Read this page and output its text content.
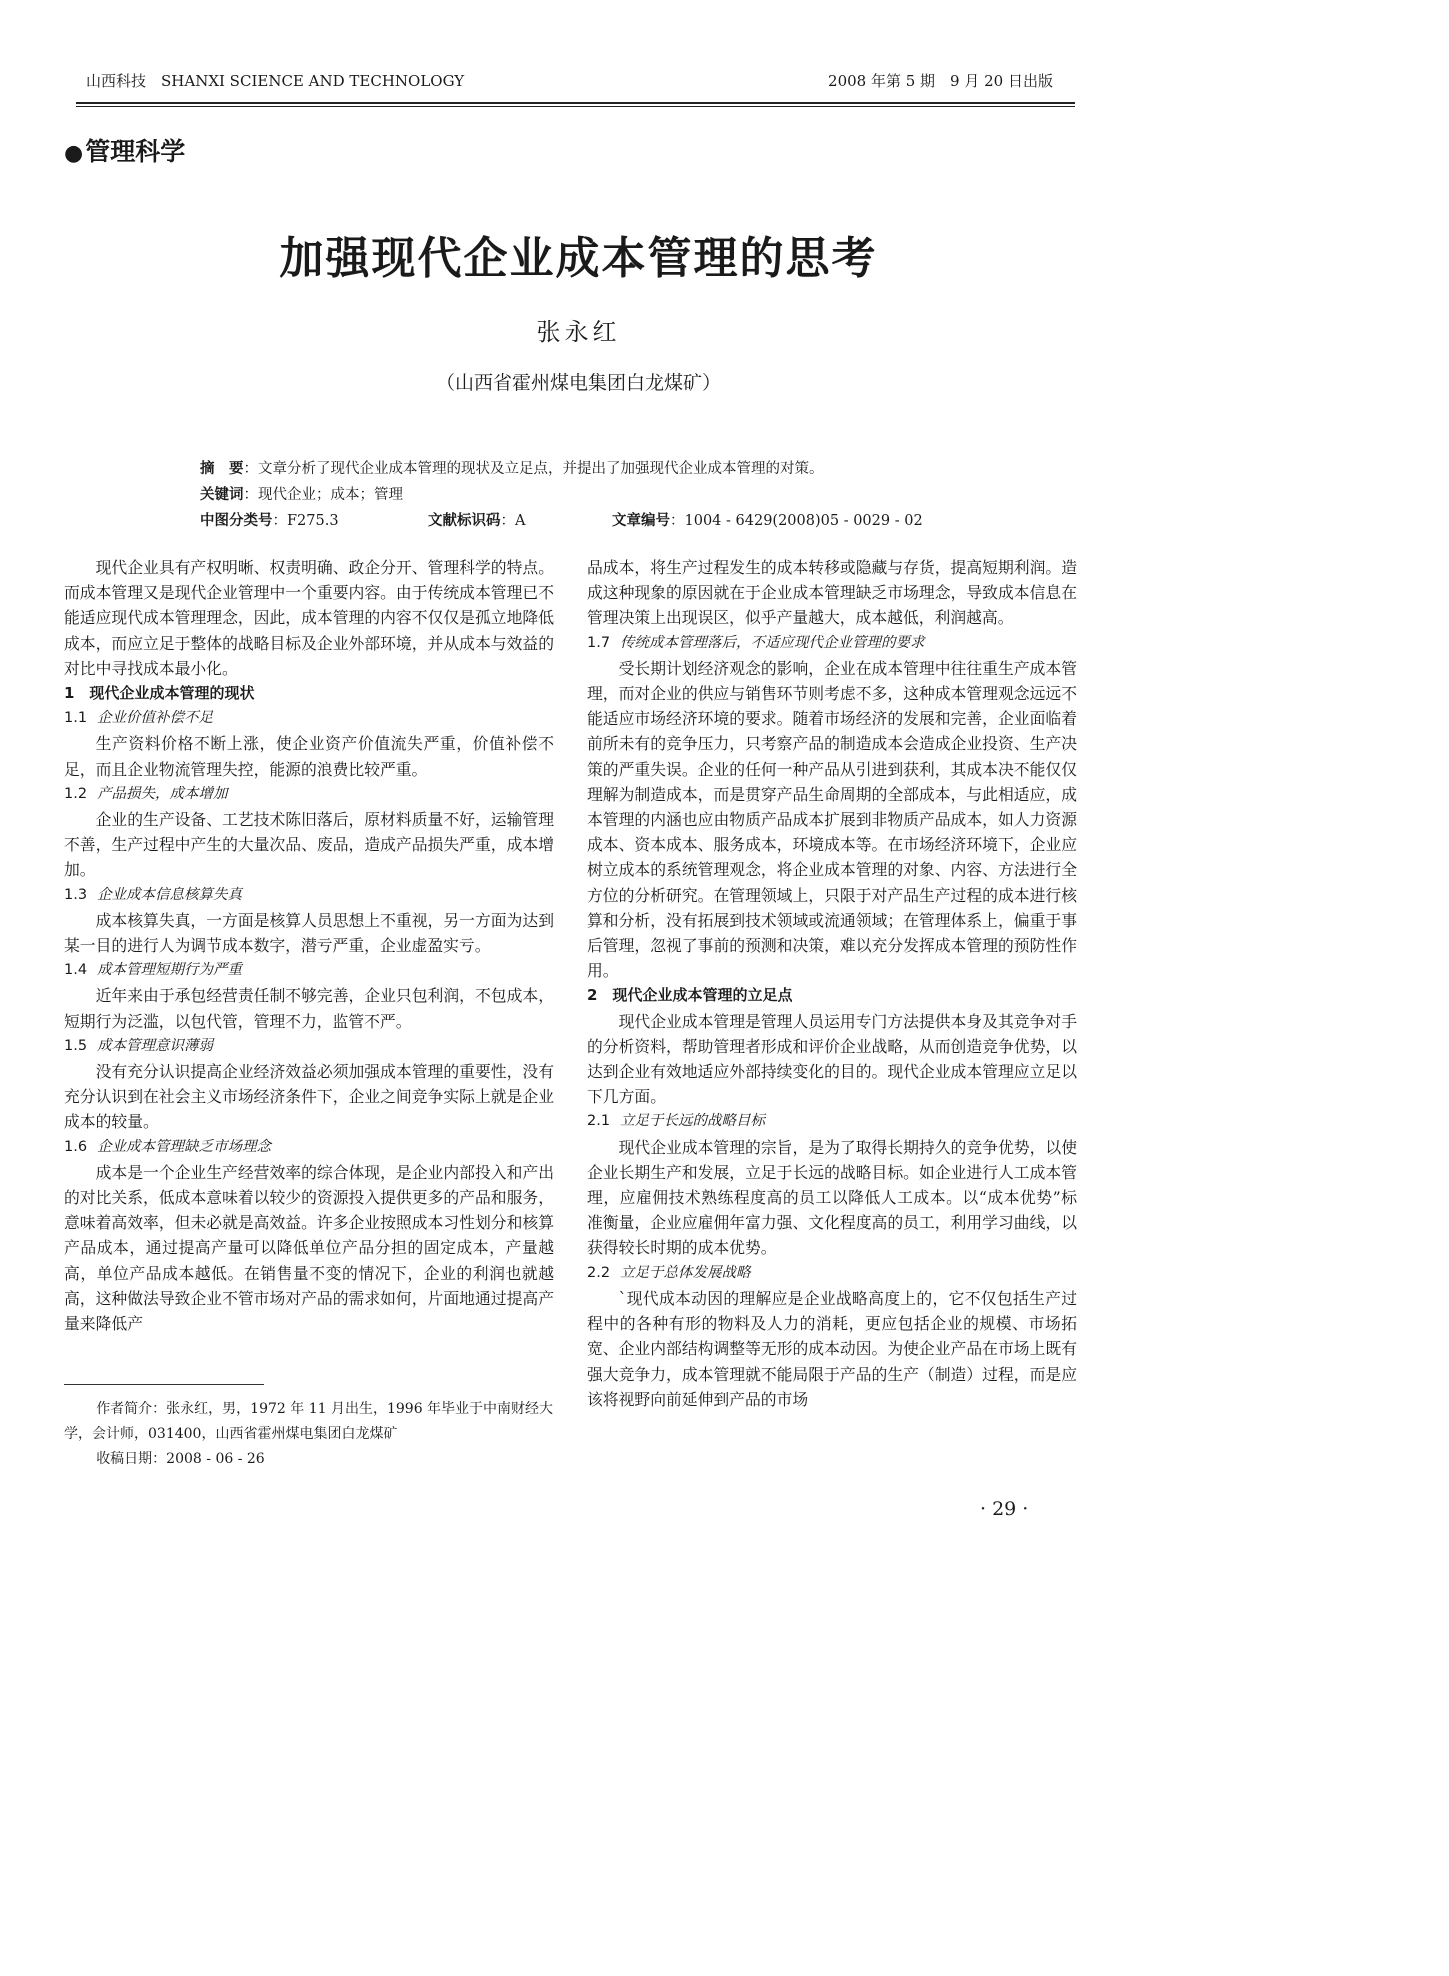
山西科技　SHANXI SCIENCE AND TECHNOLOGY	2008 年第 5 期　9 月 20 日出版
●管理科学
加强现代企业成本管理的思考
张永红
（山西省霍州煤电集团白龙煤矿）
摘　要：文章分析了现代企业成本管理的现状及立足点，并提出了加强现代企业成本管理的对策。
关键词：现代企业；成本；管理
中图分类号：F275.3	文献标识码：A	文章编号：1004 - 6429(2008)05 - 0029 - 02

现代企业具有产权明晰、权责明确、政企分开、管理科学的特点。而成本管理又是现代企业管理中一个重要内容。由于传统成本管理已不能适应现代成本管理理念，因此，成本管理的内容不仅仅是孤立地降低成本，而应立足于整体的战略目标及企业外部环境，并从成本与效益的对比中寻找成本最小化。

1　现代企业成本管理的现状

1.1 企业价值补偿不足

生产资料价格不断上涨，使企业资产价值流失严重，价值补偿不足，而且企业物流管理失控，能源的浪费比较严重。

1.2 产品损失，成本增加

企业的生产设备、工艺技术陈旧落后，原材料质量不好，运输管理不善，生产过程中产生的大量次品、废品，造成产品损失严重，成本增加。

1.3 企业成本信息核算失真

成本核算失真，一方面是核算人员思想上不重视，另一方面为达到某一目的进行人为调节成本数字，潜亏严重，企业虚盈实亏。

1.4 成本管理短期行为严重

近年来由于承包经营责任制不够完善，企业只包利润，不包成本，短期行为泛滥，以包代管，管理不力，监管不严。

1.5 成本管理意识薄弱

没有充分认识提高企业经济效益必须加强成本管理的重要性，没有充分认识到在社会主义市场经济条件下，企业之间竞争实际上就是企业成本的较量。

1.6 企业成本管理缺乏市场理念

成本是一个企业生产经营效率的综合体现，是企业内部投入和产出的对比关系，低成本意味着以较少的资源投入提供更多的产品和服务，意味着高效率，但未必就是高效益。许多企业按照成本习性划分和核算产品成本，通过提高产量可以降低单位产品分担的固定成本，产量越高，单位产品成本越低。在销售量不变的情况下，企业的利润也就越高，这种做法导致企业不管市场对产品的需求如何，片面地通过提高产量来降低产

品成本，将生产过程发生的成本转移或隐藏与存货，提高短期利润。造成这种现象的原因就在于企业成本管理缺乏市场理念，导致成本信息在管理决策上出现误区，似乎产量越大，成本越低，利润越高。

1.7 传统成本管理落后，不适应现代企业管理的要求

受长期计划经济观念的影响，企业在成本管理中往往重生产成本管理，而对企业的供应与销售环节则考虑不多，这种成本管理观念远远不能适应市场经济环境的要求。随着市场经济的发展和完善，企业面临着前所未有的竞争压力，只考察产品的制造成本会造成企业投资、生产决策的严重失误。企业的任何一种产品从引进到获利，其成本决不能仅仅理解为制造成本，而是贯穿产品生命周期的全部成本，与此相适应，成本管理的内涵也应由物质产品成本扩展到非物质产品成本，如人力资源成本、资本成本、服务成本，环境成本等。在市场经济环境下，企业应树立成本的系统管理观念，将企业成本管理的对象、内容、方法进行全方位的分析研究。在管理领域上，只限于对产品生产过程的成本进行核算和分析，没有拓展到技术领域或流通领域；在管理体系上，偏重于事后管理，忽视了事前的预测和决策，难以充分发挥成本管理的预防性作用。

2　现代企业成本管理的立足点

现代企业成本管理是管理人员运用专门方法提供本身及其竞争对手的分析资料，帮助管理者形成和评价企业战略，从而创造竞争优势，以达到企业有效地适应外部持续变化的目的。现代企业成本管理应立足以下几方面。

2.1 立足于长远的战略目标

现代企业成本管理的宗旨，是为了取得长期持久的竞争优势，以使企业长期生产和发展，立足于长远的战略目标。如企业进行人工成本管理，应雇佣技术熟练程度高的员工以降低人工成本。以“成本优势”标准衡量，企业应雇佣年富力强、文化程度高的员工，利用学习曲线，以获得较长时期的成本优势。

2.2 立足于总体发展战略

`现代成本动因的理解应是企业战略高度上的，它不仅包括生产过程中的各种有形的物料及人力的消耗，更应包括企业的规模、市场拓宽、企业内部结构调整等无形的成本动因。为使企业产品在市场上既有强大竞争力，成本管理就不能局限于产品的生产（制造）过程，而是应该将视野向前延伸到产品的市场

作者简介：张永红，男，1972 年 11 月出生，1996 年毕业于中南财经大学，会计师，031400，山西省霍州煤电集团白龙煤矿
收稿日期：2008 - 06 - 26
· 29 ·
